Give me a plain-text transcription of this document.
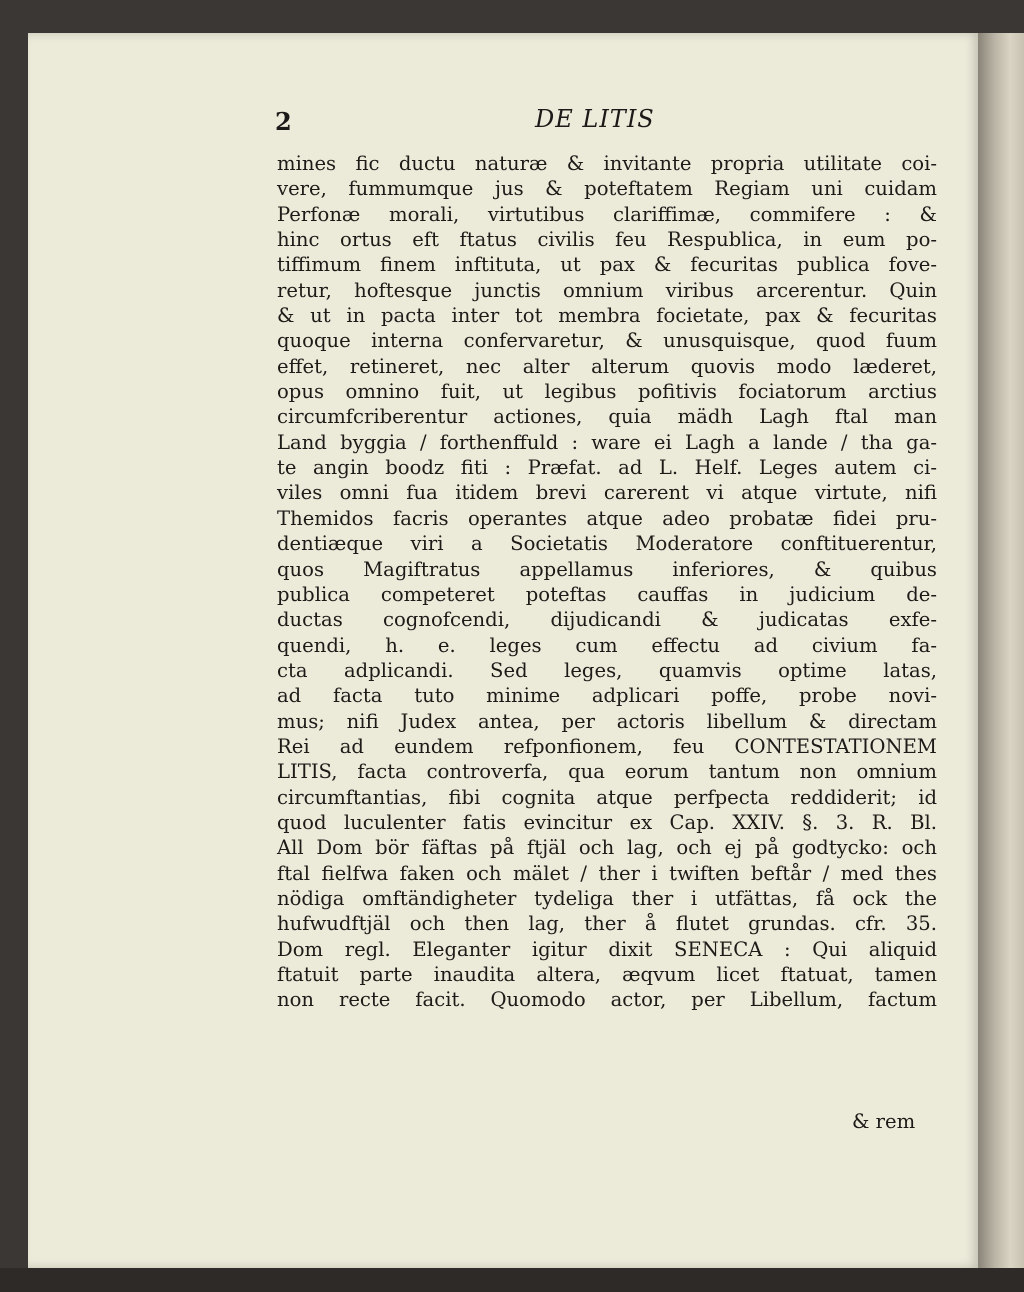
2	DE LITIS
mines fic ductu naturæ & invitante propria utilitate coi-
vere, fummumque jus & poteftatem Regiam uni cuidam
Perfonæ morali, virtutibus clariffimæ, commifere : &
hinc ortus eft ftatus civilis feu Respublica, in eum po-
tiffimum finem inftituta, ut pax & fecuritas publica fove-
retur, hoftesque junctis omnium viribus arcerentur. Quin
& ut in pacta inter tot membra focietate, pax & fecuritas
quoque interna confervaretur, & unusquisque, quod fuum
effet, retineret, nec alter alterum quovis modo læderet,
opus omnino fuit, ut legibus pofitivis fociatorum arctius
circumfcriberentur actiones, quia mädh Lagh ftal man
Land byggia / forthenffuld : ware ei Lagh a lande / tha ga-
te angin boodz fiti : Præfat. ad L. Helf. Leges autem ci-
viles omni fua itidem brevi carerent vi atque virtute, nifi
Themidos facris operantes atque adeo probatæ fidei pru-
dentiæque viri a Societatis Moderatore conftituerentur,
quos Magiftratus appellamus inferiores, & quibus
publica competeret poteftas cauffas in judicium de-
ductas cognofcendi, dijudicandi & judicatas exfe-
quendi, h. e. leges cum effectu ad civium fa-
cta adplicandi. Sed leges, quamvis optime latas,
ad facta tuto minime adplicari poffe, probe novi-
mus; nifi Judex antea, per actoris libellum & directam
Rei ad eundem refponfionem, feu CONTESTATIONEM
LITIS, facta controverfa, qua eorum tantum non omnium
circumftantias, fibi cognita atque perfpecta reddiderit; id
quod luculenter fatis evincitur ex Cap. XXIV. §. 3. R. Bl.
All Dom bör fäftas på ftjäl och lag, och ej på godtycko: och
ftal fielfwa faken och mälet / ther i twiften beftår / med thes
nödiga omftändigheter tydeliga ther i utfättas, få ock the
hufwudftjäl och then lag, ther å flutet grundas. cfr. 35.
Dom regl. Eleganter igitur dixit SENECA : Qui aliquid
ftatuit parte inaudita altera, æqvum licet ftatuat, tamen
non recte facit. Quomodo actor, per Libellum, factum
& rem
